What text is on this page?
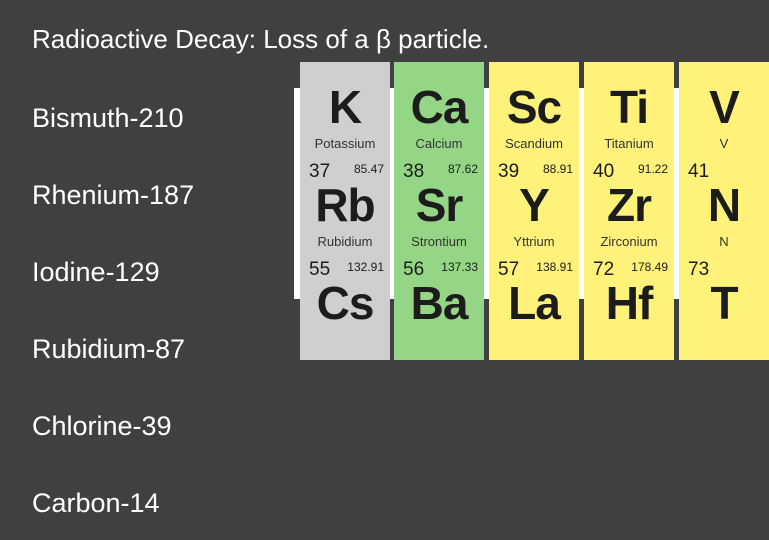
Radioactive Decay: Loss of a β particle.
Bismuth-210
Rhenium-187
Iodine-129
Rubidium-87
Chlorine-39
Carbon-14
K
Potassium
Ca
Calcium
Sc
Scandium
Ti
Titanium
V
V
37 85.47
Rb
Rubidium
38 87.62
Sr
Strontium
39 88.91
Y
Yttrium
40 91.22
Zr
Zirconium
41
N
N
55 132.91
Cs
56 137.33
Ba
57 138.91
La
72 178.49
Hf
73
T
